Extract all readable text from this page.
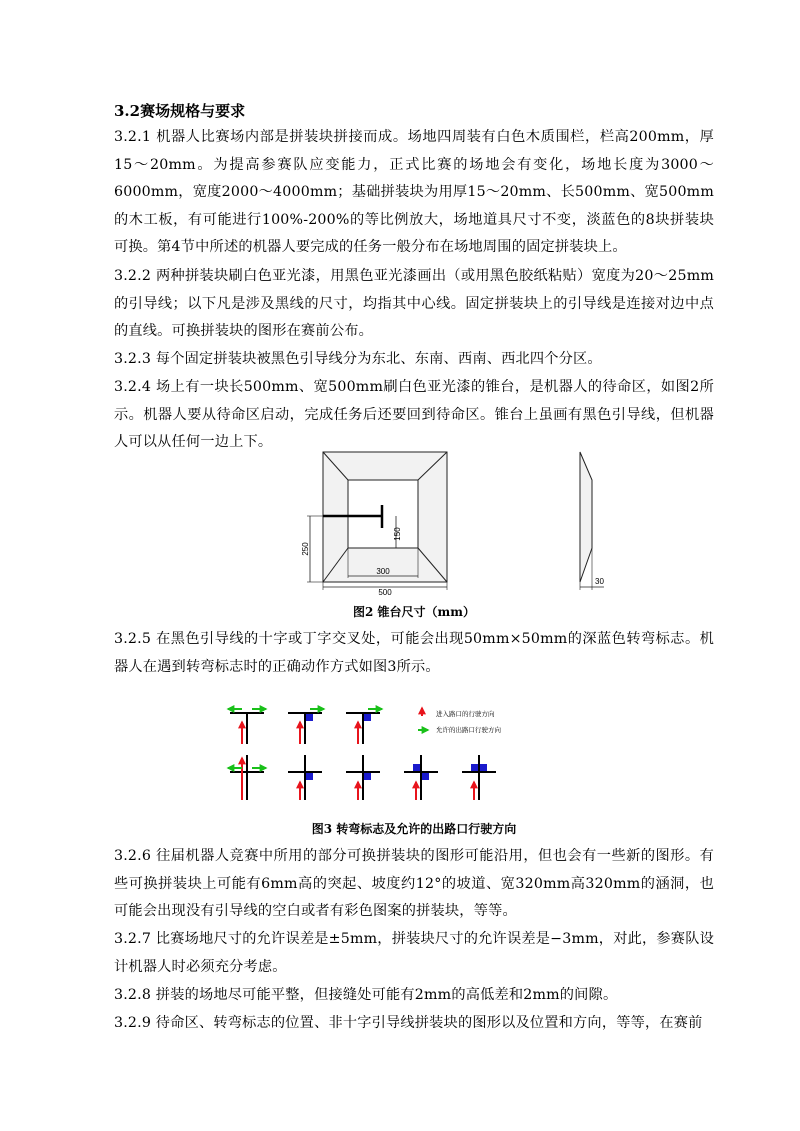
3.2赛场规格与要求

3.2.1 机器人比赛场内部是拼装块拼接而成。场地四周装有白色木质围栏，栏高200mm，厚15～20mm。为提高参赛队应变能力，正式比赛的场地会有变化，场地长度为3000～6000mm，宽度2000～4000mm；基础拼装块为用厚15～20mm、长500mm、宽500mm的木工板，有可能进行100%-200%的等比例放大，场地道具尺寸不变，淡蓝色的8块拼装块可换。第4节中所述的机器人要完成的任务一般分布在场地周围的固定拼装块上。

3.2.2 两种拼装块刷白色亚光漆，用黑色亚光漆画出（或用黑色胶纸粘贴）宽度为20～25mm的引导线；以下凡是涉及黑线的尺寸，均指其中心线。固定拼装块上的引导线是连接对边中点的直线。可换拼装块的图形在赛前公布。

3.2.3 每个固定拼装块被黑色引导线分为东北、东南、西南、西北四个分区。

3.2.4 场上有一块长500mm、宽500mm刷白色亚光漆的锥台，是机器人的待命区，如图2所示。机器人要从待命区启动，完成任务后还要回到待命区。锥台上虽画有黑色引导线，但机器人可以从任何一边上下。

150
250
300
500
30
图2 锥台尺寸（mm）

3.2.5 在黑色引导线的十字或丁字交叉处，可能会出现50mm×50mm的深蓝色转弯标志。机器人在遇到转弯标志时的正确动作方式如图3所示。

进入路口的行驶方向
允许的出路口行驶方向
图3 转弯标志及允许的出路口行驶方向

3.2.6 往届机器人竞赛中所用的部分可换拼装块的图形可能沿用，但也会有一些新的图形。有些可换拼装块上可能有6mm高的突起、坡度约12°的坡道、宽320mm高320mm的涵洞，也可能会出现没有引导线的空白或者有彩色图案的拼装块，等等。

3.2.7 比赛场地尺寸的允许误差是±5mm，拼装块尺寸的允许误差是−3mm，对此，参赛队设计机器人时必须充分考虑。

3.2.8 拼装的场地尽可能平整，但接缝处可能有2mm的高低差和2mm的间隙。

3.2.9 待命区、转弯标志的位置、非十字引导线拼装块的图形以及位置和方向，等等，在赛前
